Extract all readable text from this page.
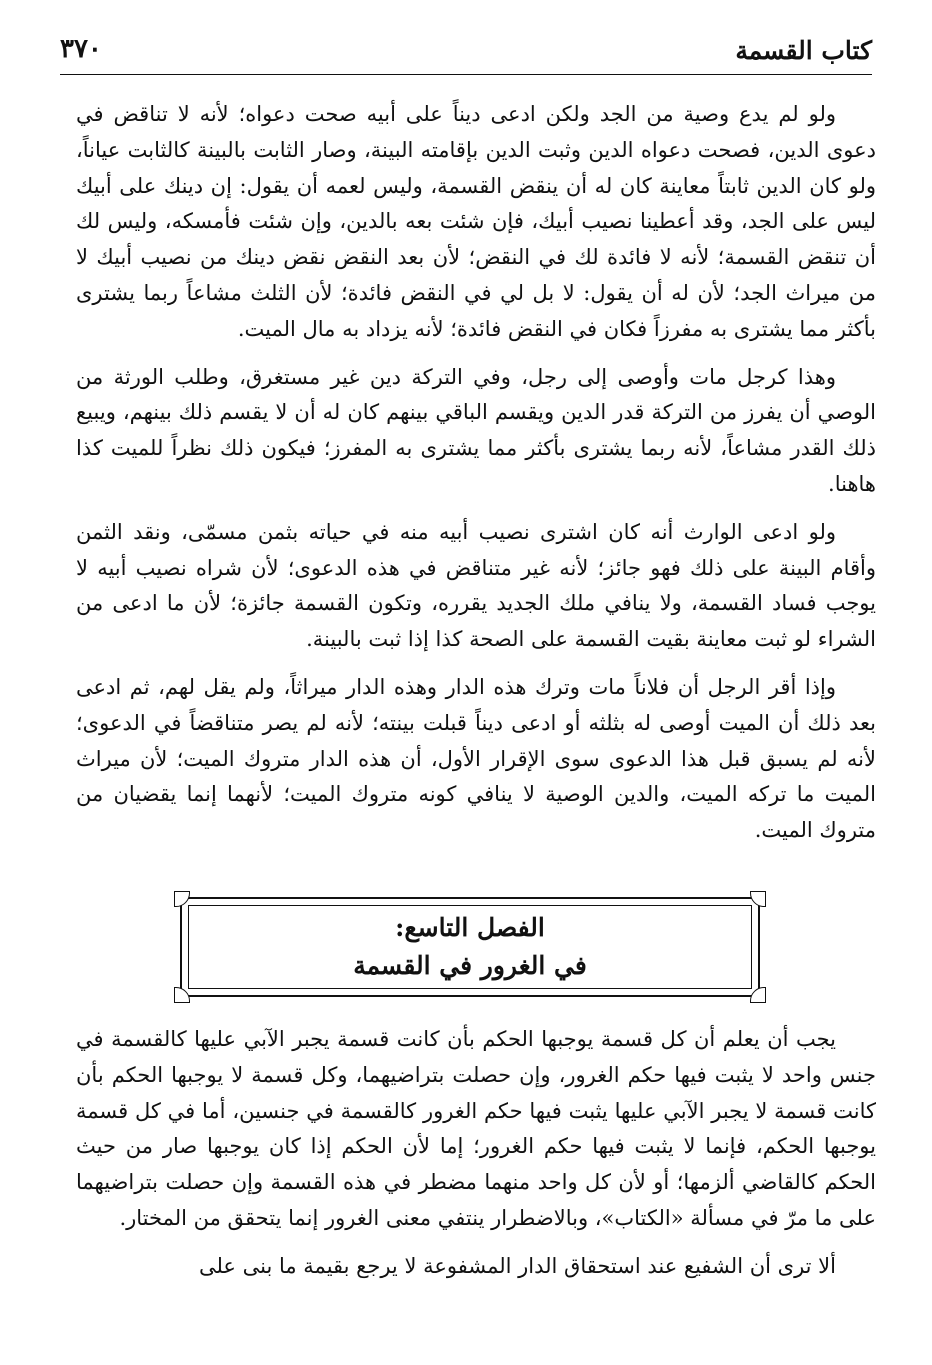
كتاب القسمة
٣٧٠

ولو لم يدع وصية من الجد ولكن ادعى ديناً على أبيه صحت دعواه؛ لأنه لا تناقض في دعوى الدين، فصحت دعواه الدين وثبت الدين بإقامته البينة، وصار الثابت بالبينة كالثابت عياناً، ولو كان الدين ثابتاً معاينة كان له أن ينقض القسمة، وليس لعمه أن يقول: إن دينك على أبيك ليس على الجد، وقد أعطينا نصيب أبيك، فإن شئت بعه بالدين، وإن شئت فأمسكه، وليس لك أن تنقض القسمة؛ لأنه لا فائدة لك في النقض؛ لأن بعد النقض نقض دينك من نصيب أبيك لا من ميراث الجد؛ لأن له أن يقول: لا بل لي في النقض فائدة؛ لأن الثلث مشاعاً ربما يشترى بأكثر مما يشترى به مفرزاً فكان في النقض فائدة؛ لأنه يزداد به مال الميت.

وهذا كرجل مات وأوصى إلى رجل، وفي التركة دين غير مستغرق، وطلب الورثة من الوصي أن يفرز من التركة قدر الدين ويقسم الباقي بينهم كان له أن لا يقسم ذلك بينهم، ويبيع ذلك القدر مشاعاً، لأنه ربما يشترى بأكثر مما يشترى به المفرز؛ فيكون ذلك نظراً للميت كذا هاهنا.

ولو ادعى الوارث أنه كان اشترى نصيب أبيه منه في حياته بثمن مسمّى، ونقد الثمن وأقام البينة على ذلك فهو جائز؛ لأنه غير متناقض في هذه الدعوى؛ لأن شراه نصيب أبيه لا يوجب فساد القسمة، ولا ينافي ملك الجديد يقرره، وتكون القسمة جائزة؛ لأن ما ادعى من الشراء لو ثبت معاينة بقيت القسمة على الصحة كذا إذا ثبت بالبينة.

وإذا أقر الرجل أن فلاناً مات وترك هذه الدار وهذه الدار ميراثاً، ولم يقل لهم، ثم ادعى بعد ذلك أن الميت أوصى له بثلثه أو ادعى ديناً قبلت بينته؛ لأنه لم يصر متناقضاً في الدعوى؛ لأنه لم يسبق قبل هذا الدعوى سوى الإقرار الأول، أن هذه الدار متروك الميت؛ لأن ميراث الميت ما تركه الميت، والدين الوصية لا ينافي كونه متروك الميت؛ لأنهما إنما يقضيان من متروك الميت.

الفصل التاسع:
في الغرور في القسمة

يجب أن يعلم أن كل قسمة يوجبها الحكم بأن كانت قسمة يجبر الآبي عليها كالقسمة في جنس واحد لا يثبت فيها حكم الغرور، وإن حصلت بتراضيهما، وكل قسمة لا يوجبها الحكم بأن كانت قسمة لا يجبر الآبي عليها يثبت فيها حكم الغرور كالقسمة في جنسين، أما في كل قسمة يوجبها الحكم، فإنما لا يثبت فيها حكم الغرور؛ إما لأن الحكم إذا كان يوجبها صار من حيث الحكم كالقاضي ألزمها؛ أو لأن كل واحد منهما مضطر في هذه القسمة وإن حصلت بتراضيهما على ما مرّ في مسألة «الكتاب»، وبالاضطرار ينتفي معنى الغرور إنما يتحقق من المختار.

ألا ترى أن الشفيع عند استحقاق الدار المشفوعة لا يرجع بقيمة ما بنى على
